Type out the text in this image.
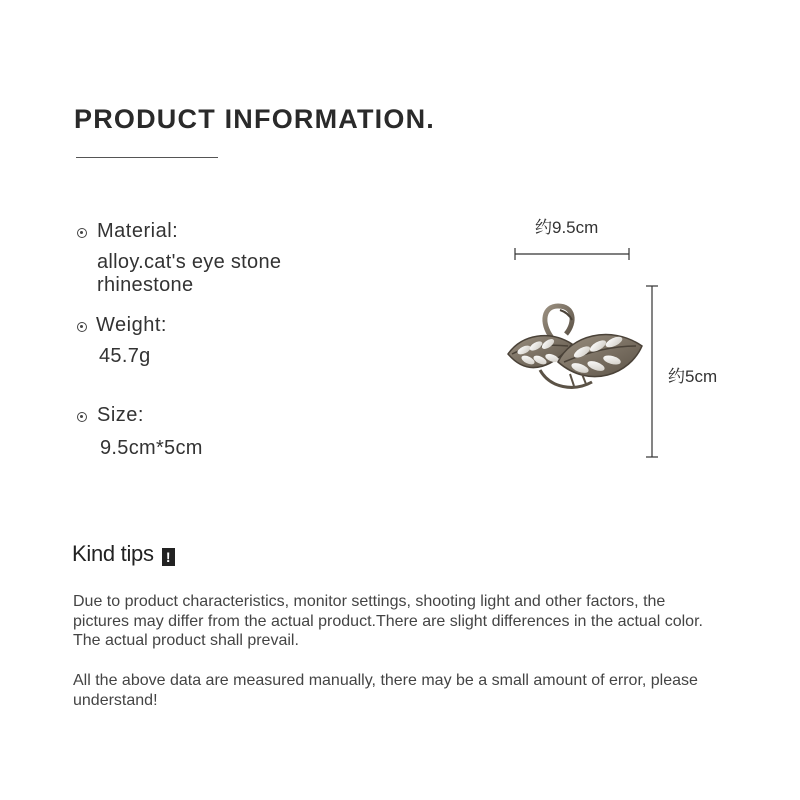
PRODUCT INFORMATION.
Material:
alloy.cat's eye stone
rhinestone
Weight:
45.7g
Size:
9.5cm*5cm
约9.5cm
约5cm
Kind tips !

Due to product characteristics, monitor settings, shooting light and other factors, the pictures may differ from the actual product.There are slight differences in the actual color. The actual product shall prevail.

All the above data are measured manually, there may be a small amount of error, please understand!
